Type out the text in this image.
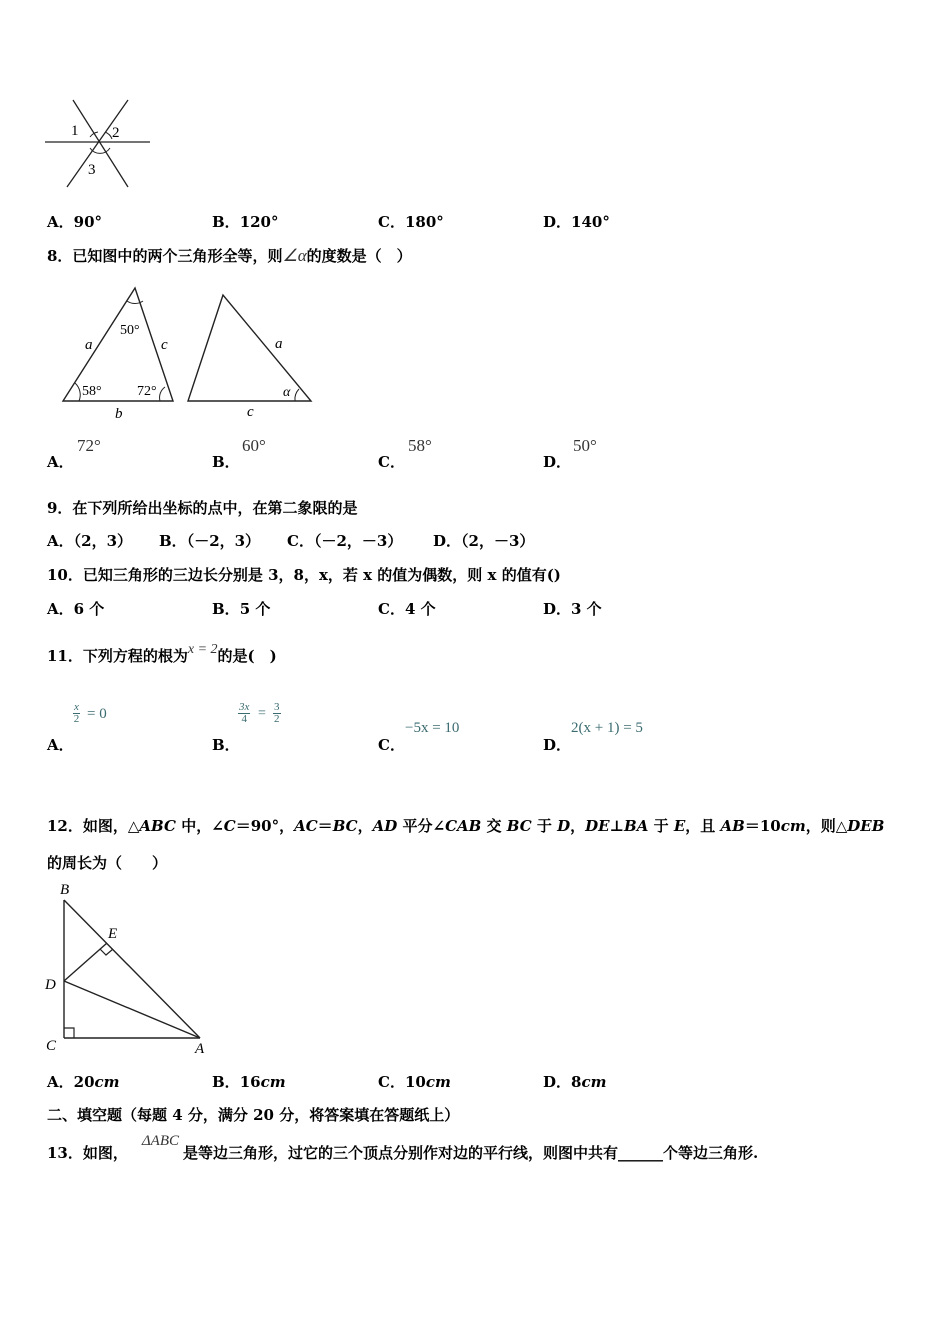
1 2
3
A．90°	B．120°	C．180°	D．140°
8．已知图中的两个三角形全等，则∠α的度数是（　）
a	c
b
50°
58°	72°
a
c
α
A．
72°
B．
60°
C．
58°
D．
50°
9．在下列所给出坐标的点中，在第二象限的是
A．（2，3） B．（－2，3） C．（－2，－3） D．（2，－3）
10．已知三角形的三边长分别是 3，8，x，若 x 的值为偶数，则 x 的值有()
A．6 个	B．5 个	C．4 个	D．3 个
11．下列方程的根为x = 2的是(　)
A．
$\frac{x}{2} = 0$
B．
$\frac{3x}{4} = \frac{3}{2}$
C．
−5x = 10
D．
2(x + 1) = 5
12．如图，△ABC 中，∠C＝90°，AC＝BC，AD 平分∠CAB 交 BC 于 D，DE⊥BA 于 E，且 AB＝10cm，则△DEB
的周长为（　　）
B
E
D
C	A
A．20cm	B．16cm	C．10cm	D．8cm
二、填空题（每题 4 分，满分 20 分，将答案填在答题纸上）
13．如图，ΔABC是等边三角形，过它的三个顶点分别作对边的平行线，则图中共有______个等边三角形.
